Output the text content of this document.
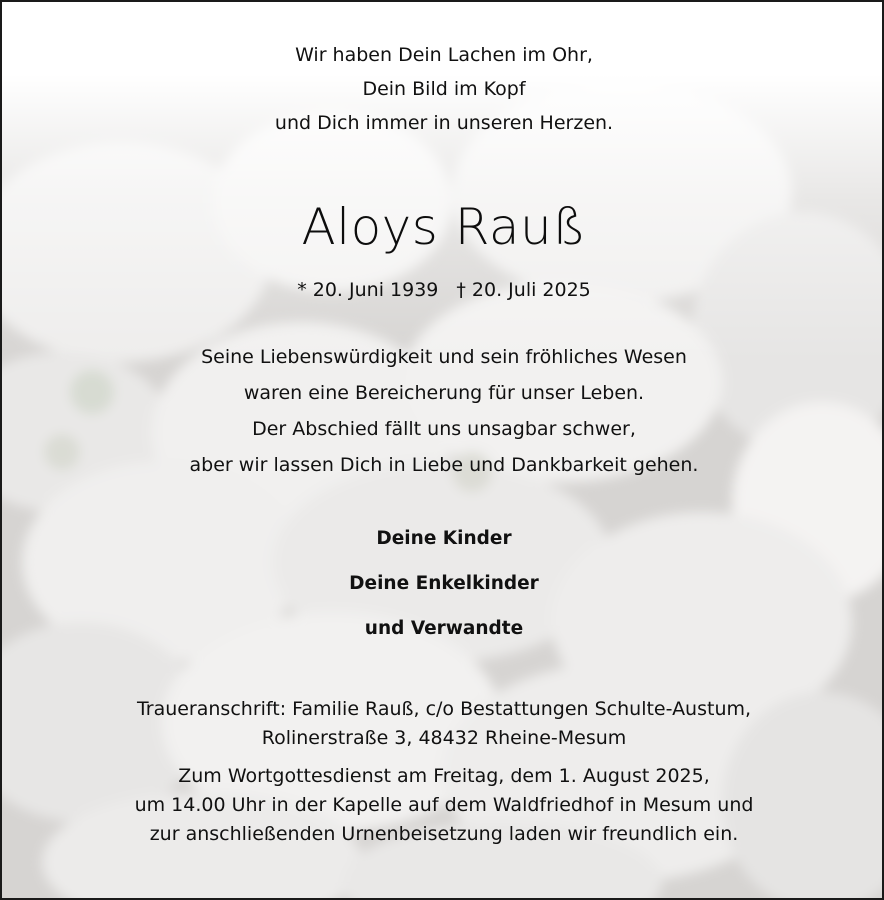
Wir haben Dein Lachen im Ohr,
Dein Bild im Kopf
und Dich immer in unseren Herzen.
Aloys Rauß
* 20. Juni 1939 † 20. Juli 2025
Seine Liebenswürdigkeit und sein fröhliches Wesen
waren eine Bereicherung für unser Leben.
Der Abschied fällt uns unsagbar schwer,
aber wir lassen Dich in Liebe und Dankbarkeit gehen.
Deine Kinder
Deine Enkelkinder
und Verwandte
Traueranschrift: Familie Rauß, c/o Bestattungen Schulte-Austum,
Rolinerstraße 3, 48432 Rheine-Mesum
Zum Wortgottesdienst am Freitag, dem 1. August 2025,
um 14.00 Uhr in der Kapelle auf dem Waldfriedhof in Mesum und
zur anschließenden Urnenbeisetzung laden wir freundlich ein.
